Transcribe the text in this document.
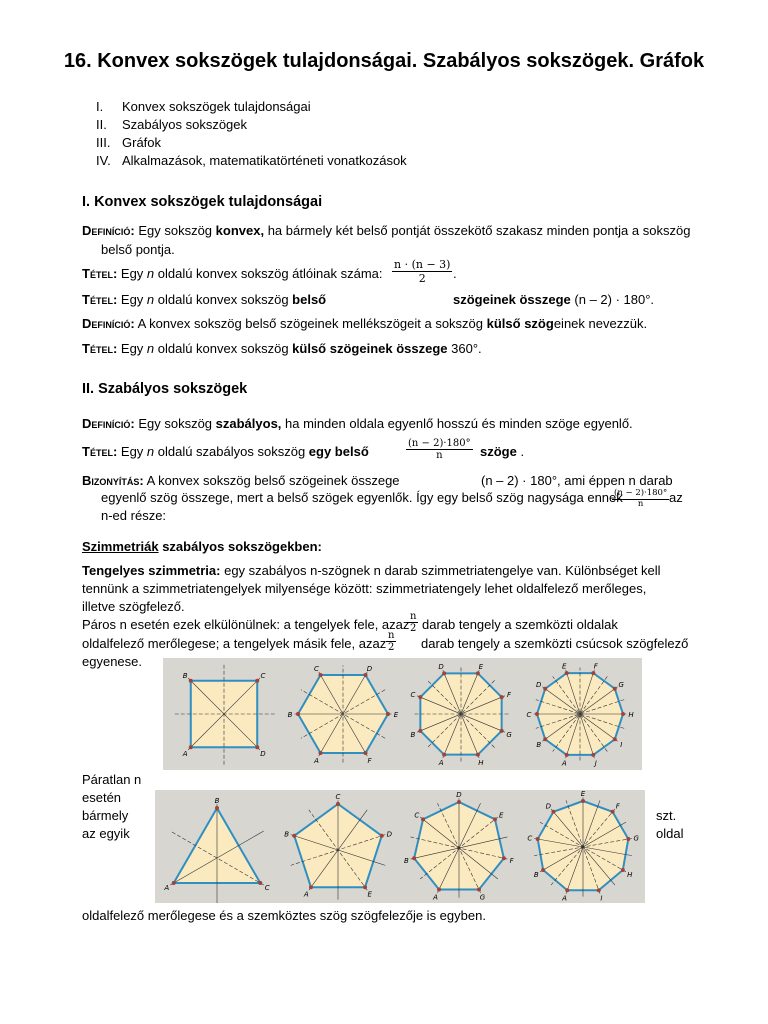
16. Konvex sokszögek tulajdonságai. Szabályos sokszögek. Gráfok
I.	Konvex sokszögek tulajdonságai
II.	Szabályos sokszögek
III. Gráfok
IV. Alkalmazások, matematikatörténeti vonatkozások
I. Konvex sokszögek tulajdonságai
Definíció: Egy sokszög konvex, ha bármely két belső pontját összekötő szakasz minden pontja a sokszög
belső pontja.
Tétel: Egy n oldalú konvex sokszög átlóinak száma: $\frac{n \cdot (n - 3)}{2}$ .
Tétel: Egy n oldalú konvex sokszög belső	szögeinek összege (n – 2) · 180°.
Definíció: A konvex sokszög belső szögeinek mellékszögeit a sokszög külső szögeinek nevezzük.
Tétel: Egy n oldalú konvex sokszög külső szögeinek összege 360°.
II. Szabályos sokszögek
Definíció: Egy sokszög szabályos, ha minden oldala egyenlő hosszú és minden szöge egyenlő.
Tétel: Egy n oldalú szabályos sokszög egy belső	$\frac{(n - 2)\cdot 180^\circ}{n}$ szöge .
Bizonyítás: A konvex sokszög belső szögeinek összege	(n – 2) · 180°, ami éppen n darab
egyenlő szög összege, mert a belső szögek egyenlők. Így egy belső szög nagysága ennek
$\frac{(n - 2)\cdot 180^\circ}{n}$ az
n-ed része:
Szimmetriák szabályos sokszögekben:
Tengelyes szimmetria: egy szabályos n-szögnek n darab szimmetriatengelye van. Különbséget kell
tennünk a szimmetriatengelyek milyensége között: szimmetriatengely lehet oldalfelező merőleges,
illetve szögfelező.
Páros n esetén ezek elkülönülnek: a tengelyek fele, azaz
$\frac{n}{2}$ darab tengely a szemközti oldalak
oldalfelező merőlegese; a tengelyek másik fele, azaz $\frac{n}{2}$ darab tengely a szemközti csúcsok szögfelező
egyenese.
A
B	C
D
A
B
C	D
E
F	A
B
C
D	E
F
G
H	A
B
C
D
E	F
G
H
I
J
Páratlan n
esetén
bármely
az egyik
szt.
oldal
A
B
C
A
B
C
D
E	A
B
C
D
E
F
G	A
B
C
D
E
F
G
H
I
oldalfelező merőlegese és a szemköztes szög szögfelezője is egyben.
